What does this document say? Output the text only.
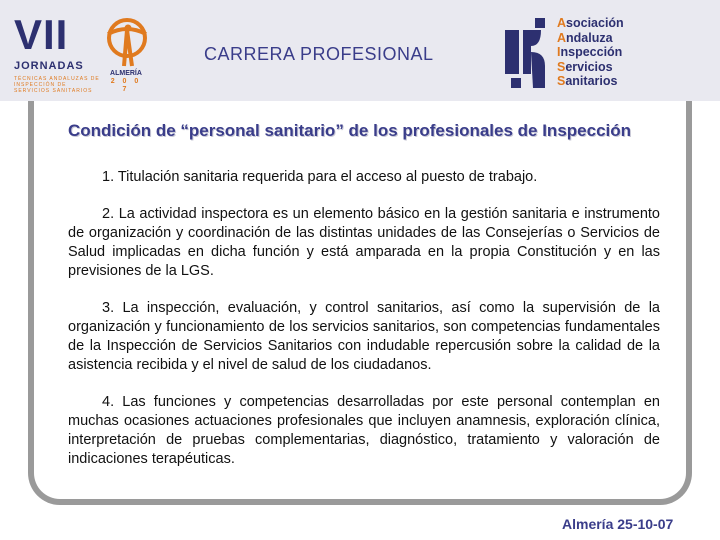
VII
JORNADAS
TÉCNICAS ANDALUZAS DE INSPECCIÓN DE SERVICIOS SANITARIOS
ALMERÍA
2 0 0 7
CARRERA PROFESIONAL
Asociación
Andaluza
Inspección
Servicios
Sanitarios
Condición de “personal sanitario” de los profesionales de Inspección

1. Titulación sanitaria requerida para el acceso al puesto de trabajo.

2. La actividad inspectora es un elemento básico en la gestión sanitaria e instrumento de organización y coordinación de las distintas unidades de las Consejerías o Servicios de Salud implicadas en dicha función y está amparada en la propia Constitución y en las previsiones de la LGS.

3. La inspección, evaluación, y control sanitarios, así como la supervisión de la organización y funcionamiento de los servicios sanitarios, son competencias fundamentales de la Inspección de Servicios Sanitarios con indudable repercusión sobre la calidad de la asistencia recibida y el nivel de salud de los ciudadanos.

4. Las funciones y competencias desarrolladas por este personal contemplan en muchas ocasiones actuaciones profesionales que incluyen anamnesis, exploración clínica, interpretación de pruebas complementarias, diagnóstico, tratamiento y valoración de indicaciones terapéuticas.

Almería 25-10-07
